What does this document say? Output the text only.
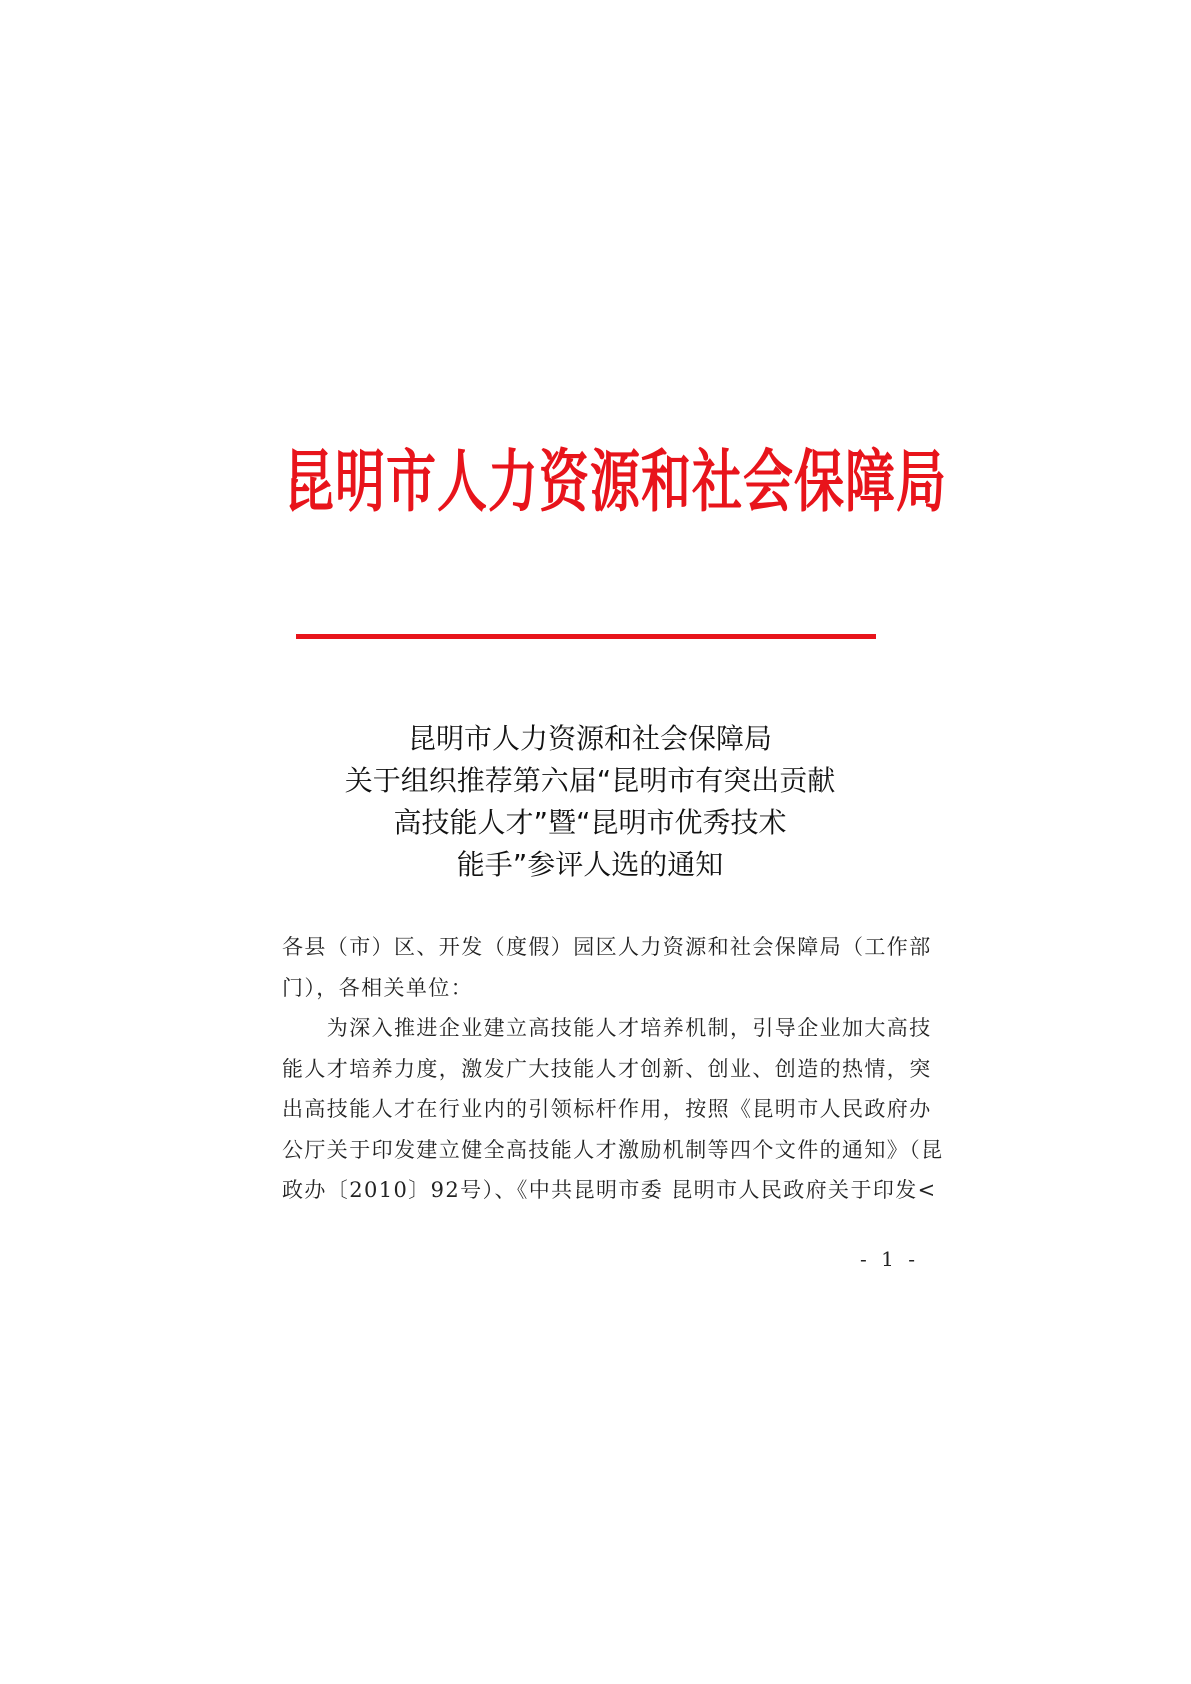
昆明市人力资源和社会保障局
昆明市人力资源和社会保障局
关于组织推荐第六届“昆明市有突出贡献
高技能人才”暨“昆明市优秀技术
能手”参评人选的通知
各县（市）区、开发（度假）园区人力资源和社会保障局（工作部
门），各相关单位：
　　为深入推进企业建立高技能人才培养机制，引导企业加大高技
能人才培养力度，激发广大技能人才创新、创业、创造的热情，突
出高技能人才在行业内的引领标杆作用，按照《昆明市人民政府办
公厅关于印发建立健全高技能人才激励机制等四个文件的通知》（昆
政办〔2010〕92号）、《中共昆明市委 昆明市人民政府关于印发<
- 1 -
